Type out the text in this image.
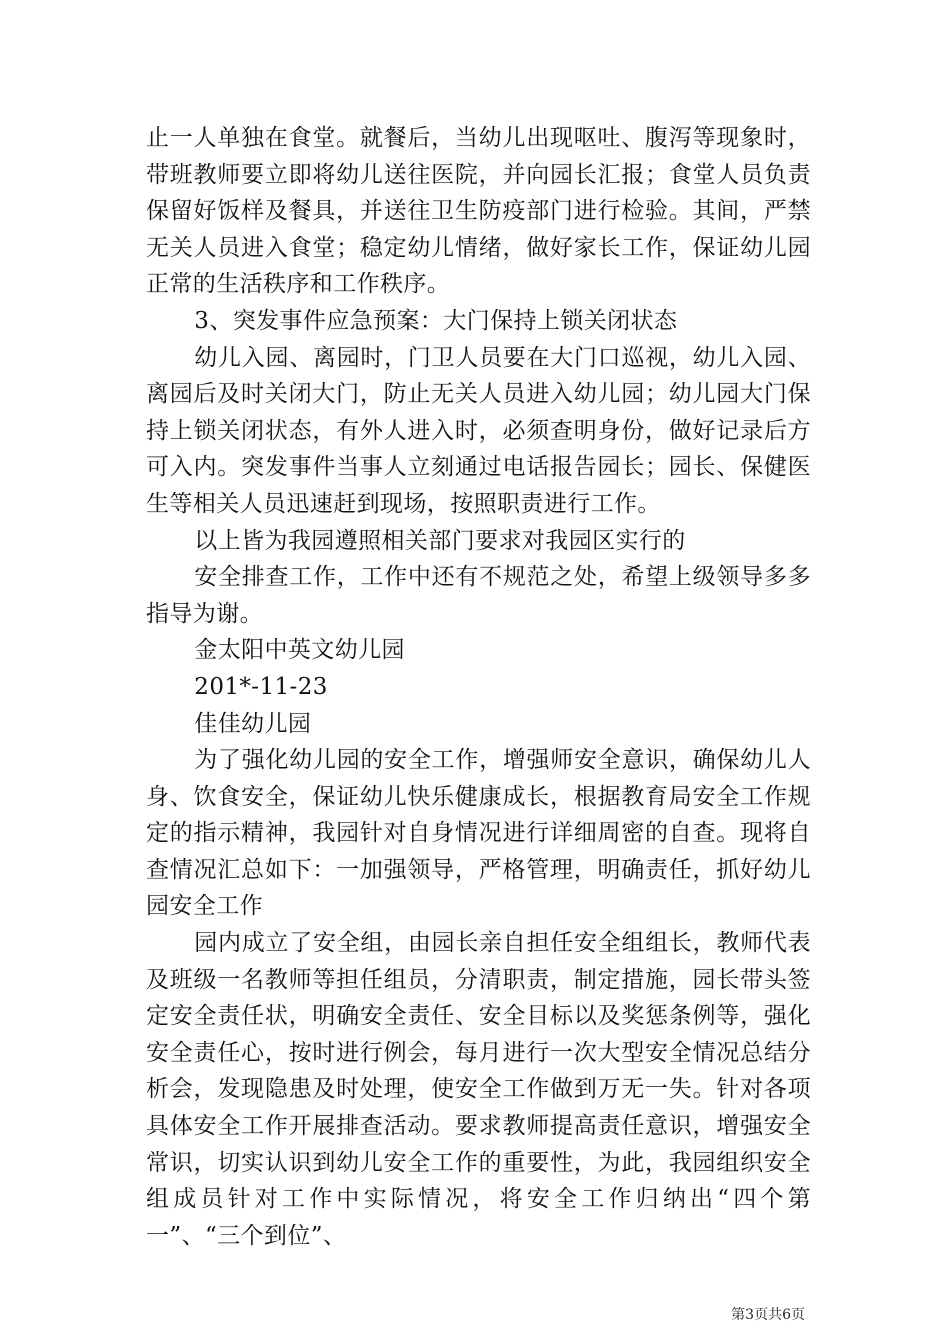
止一人单独在食堂。就餐后，当幼儿出现呕吐、腹泻等现象时，带班教师要立即将幼儿送往医院，并向园长汇报；食堂人员负责保留好饭样及餐具，并送往卫生防疫部门进行检验。其间，严禁无关人员进入食堂；稳定幼儿情绪，做好家长工作，保证幼儿园正常的生活秩序和工作秩序。

3、突发事件应急预案：大门保持上锁关闭状态

幼儿入园、离园时，门卫人员要在大门口巡视，幼儿入园、离园后及时关闭大门，防止无关人员进入幼儿园；幼儿园大门保持上锁关闭状态，有外人进入时，必须查明身份，做好记录后方可入内。突发事件当事人立刻通过电话报告园长；园长、保健医生等相关人员迅速赶到现场，按照职责进行工作。

以上皆为我园遵照相关部门要求对我园区实行的

安全排查工作，工作中还有不规范之处，希望上级领导多多指导为谢。

金太阳中英文幼儿园

201*-11-23

佳佳幼儿园

为了强化幼儿园的安全工作，增强师安全意识，确保幼儿人身、饮食安全，保证幼儿快乐健康成长，根据教育局安全工作规定的指示精神，我园针对自身情况进行详细周密的自查。现将自查情况汇总如下：一加强领导，严格管理，明确责任，抓好幼儿园安全工作

园内成立了安全组，由园长亲自担任安全组组长，教师代表及班级一名教师等担任组员，分清职责，制定措施，园长带头签定安全责任状，明确安全责任、安全目标以及奖惩条例等，强化安全责任心，按时进行例会，每月进行一次大型安全情况总结分析会，发现隐患及时处理，使安全工作做到万无一失。针对各项具体安全工作开展排查活动。要求教师提高责任意识，增强安全常识，切实认识到幼儿安全工作的重要性，为此，我园组织安全组成员针对工作中实际情况，将安全工作归纳出“四个第一”、“三个到位”、

第3页共6页
